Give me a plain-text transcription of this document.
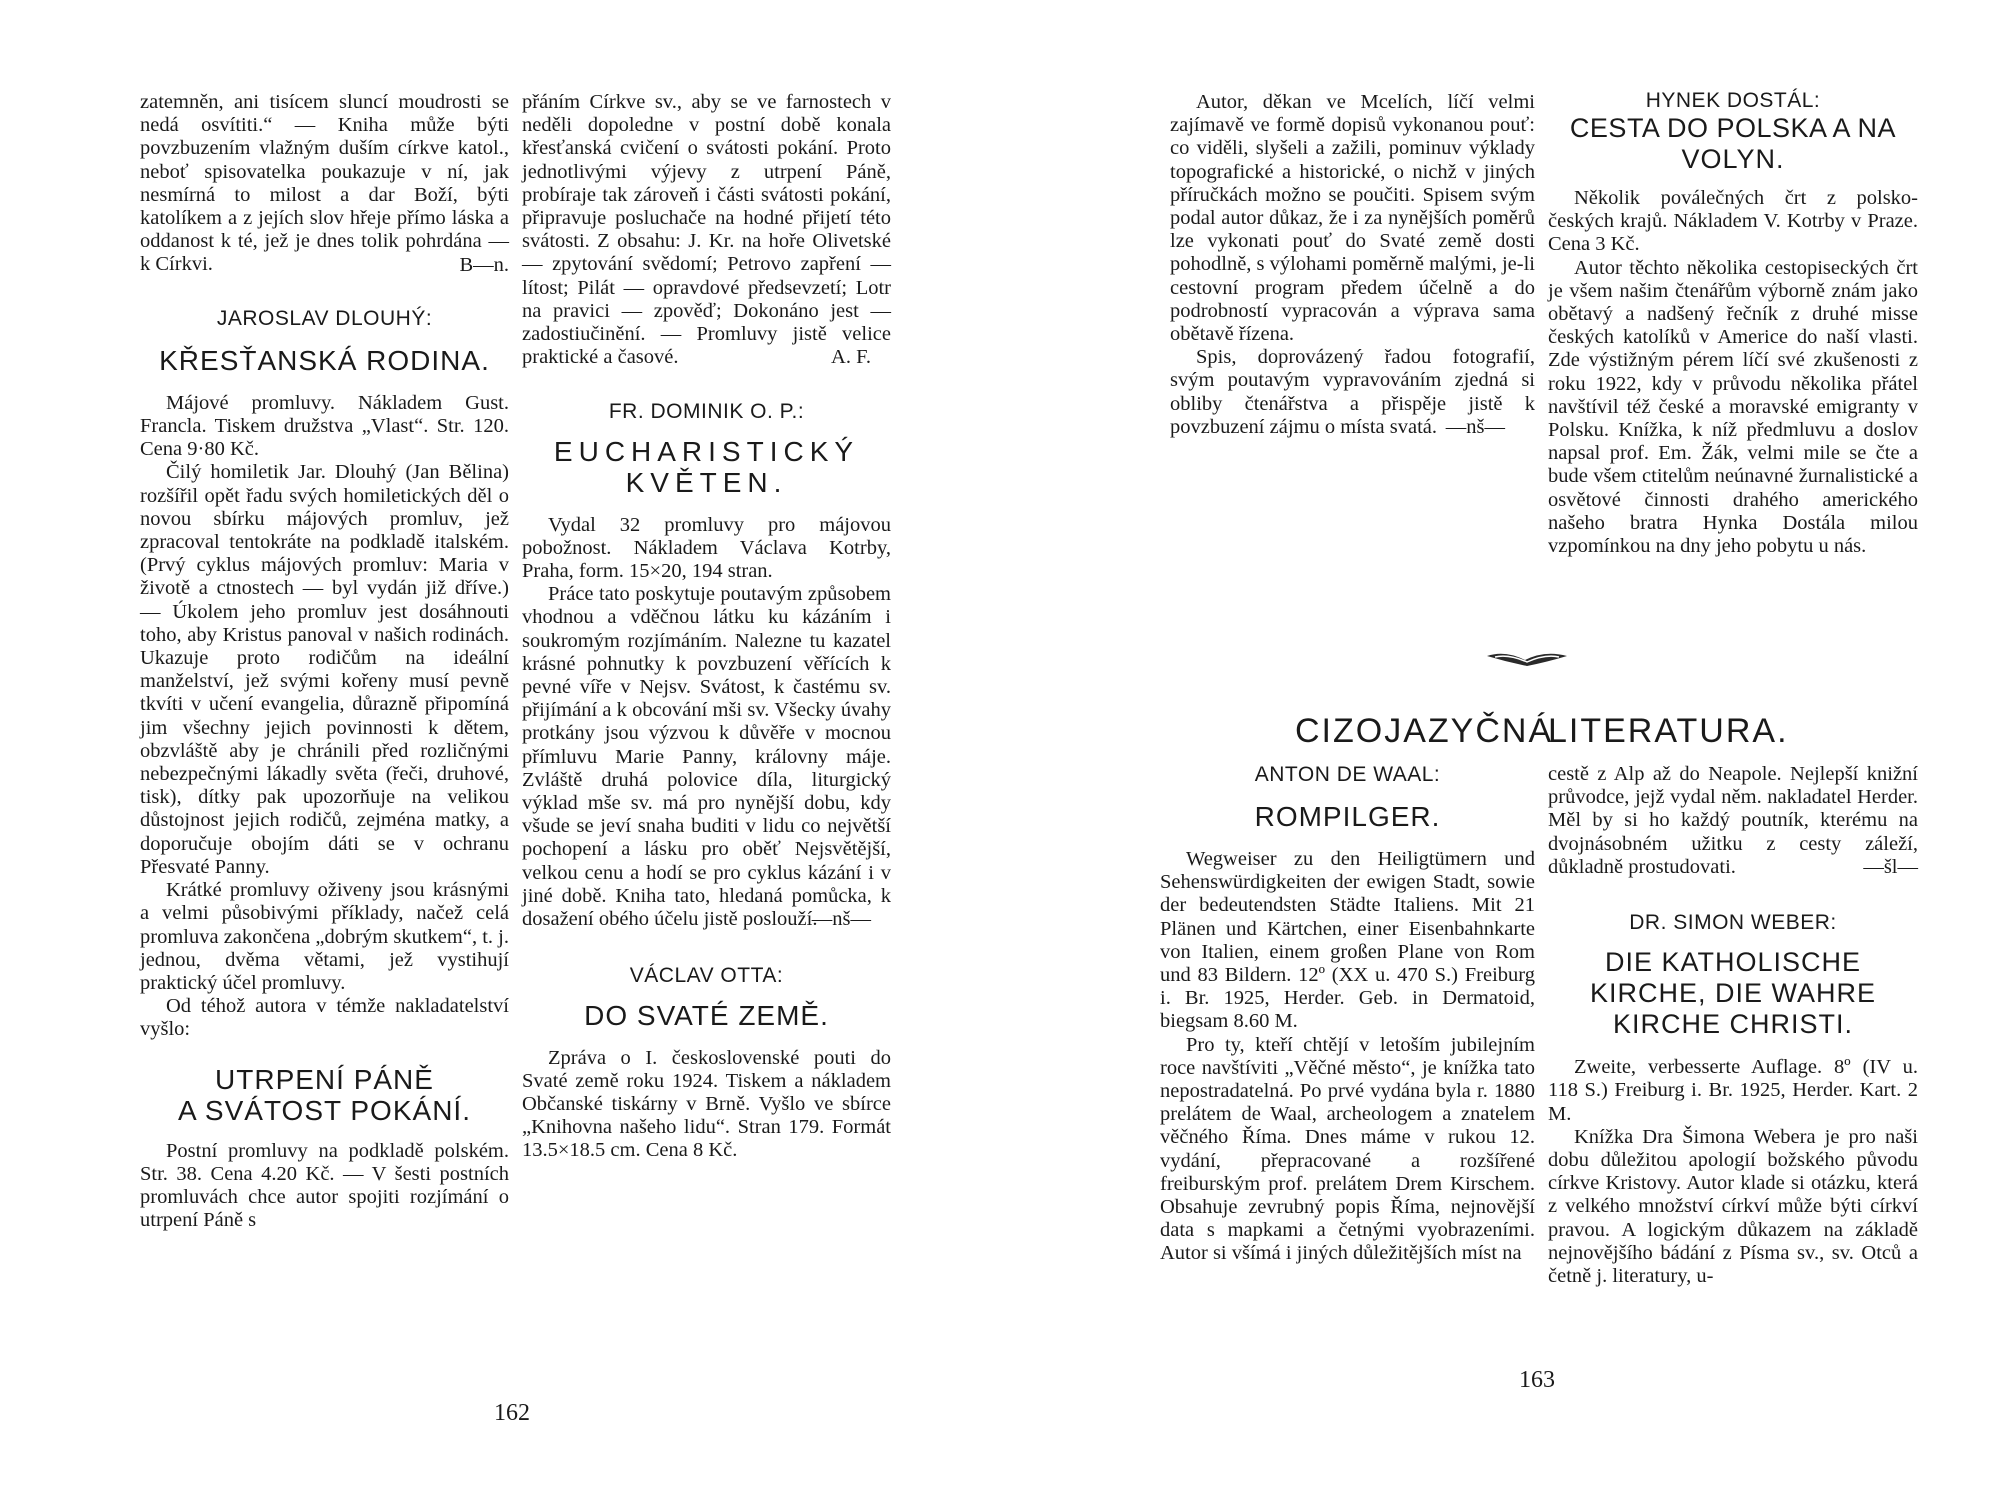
zatemněn, ani tisícem sluncí moudrosti se nedá osvítiti.“ — Kniha může býti povzbuzením vlažným duším církve katol., neboť spisovatelka poukazuje v ní, jak nesmírná to milost a dar Boží, býti katolíkem a z jejích slov hřeje přímo láska a oddanost k té, jež je dnes tolik pohrdána — k Církvi.	B—n.

JAROSLAV DLOUHÝ:
KŘESŤANSKÁ RODINA.

Májové promluvy. Nákladem Gust. Francla. Tiskem družstva „Vlast“. Str. 120. Cena 9·80 Kč.

Čilý homiletik Jar. Dlouhý (Jan Bělina) rozšířil opět řadu svých homiletických děl o novou sbírku májových promluv, jež zpracoval tentokráte na podkladě italském. (Prvý cyklus májových promluv: Maria v životě a ctnostech — byl vydán již dříve.) — Úkolem jeho promluv jest dosáhnouti toho, aby Kristus panoval v našich rodinách. Ukazuje proto rodičům na ideální manželství, jež svými kořeny musí pevně tkvíti v učení evangelia, důrazně připomíná jim všechny jejich povinnosti k dětem, obzvláště aby je chránili před rozličnými nebezpečnými lákadly světa (řeči, druhové, tisk), dítky pak upozorňuje na velikou důstojnost jejich rodičů, zejména matky, a doporučuje obojím dáti se v ochranu Přesvaté Panny.

Krátké promluvy oživeny jsou krásnými a velmi působivými příklady, načež celá promluva zakončena „dobrým skutkem“, t. j. jednou, dvěma větami, jež vystihují praktický účel promluvy.

Od téhož autora v témže nakladatelství vyšlo:

UTRPENÍ PÁNĚ
A SVÁTOST POKÁNÍ.

Postní promluvy na podkladě polském. Str. 38. Cena 4.20 Kč. — V šesti postních promluvách chce autor spojiti rozjímání o utrpení Páně s

přáním Církve sv., aby se ve farnostech v neděli dopoledne v postní době konala křesťanská cvičení o svátosti pokání. Proto jednotlivými výjevy z utrpení Páně, probíraje tak zároveň i části svátosti pokání, připravuje posluchače na hodné přijetí této svátosti. Z obsahu: J. Kr. na hoře Olivetské — zpytování svědomí; Petrovo zapření — lítost; Pilát — opravdové předsevzetí; Lotr na pravici — zpověď; Dokonáno jest — zadostiučinění. — Promluvy jistě velice praktické a časové.	A. F.

FR. DOMINIK O. P.:
EUCHARISTICKÝ
KVĚTEN.

Vydal 32 promluvy pro májovou pobožnost. Nákladem Václava Kotrby, Praha, form. 15×20, 194 stran.

Práce tato poskytuje poutavým způsobem vhodnou a vděčnou látku ku kázáním i soukromým rozjímáním. Nalezne tu kazatel krásné pohnutky k povzbuzení věřících k pevné víře v Nejsv. Svátost, k častému sv. přijímání a k obcování mši sv. Všecky úvahy protkány jsou výzvou k důvěře v mocnou přímluvu Marie Panny, královny máje. Zvláště druhá polovice díla, liturgický výklad mše sv. má pro nynější dobu, kdy všude se jeví snaha buditi v lidu co největší pochopení a lásku pro oběť Nejsvětější, velkou cenu a hodí se pro cyklus kázání i v jiné době. Kniha tato, hledaná pomůcka, k dosažení obého účelu jistě poslouží.

—nš—

VÁCLAV OTTA:
DO SVATÉ ZEMĚ.

Zpráva o I. československé pouti do Svaté země roku 1924. Tiskem a nákladem Občanské tiskárny v Brně. Vyšlo ve sbírce „Knihovna našeho lidu“. Stran 179. Formát 13.5×18.5 cm. Cena 8 Kč.

162

Autor, děkan ve Mcelích, líčí velmi zajímavě ve formě dopisů vykonanou pouť: co viděli, slyšeli a zažili, pominuv výklady topografické a historické, o nichž v jiných příručkách možno se poučiti. Spisem svým podal autor důkaz, že i za nynějších poměrů lze vykonati pouť do Svaté země dosti pohodlně, s výlohami poměrně malými, je-li cestovní program předem účelně a do podrobností vypracován a výprava sama obětavě řízena.

Spis, doprovázený řadou fotografií, svým poutavým vypravováním zjedná si obliby čtenářstva a přispěje jistě k povzbuzení zájmu o místa svatá. —nš—

HYNEK DOSTÁL:
CESTA DO POLSKA A NA
VOLYN.

Několik poválečných črt z polsko-českých krajů. Nákladem V. Kotrby v Praze. Cena 3 Kč.

Autor těchto několika cestopiseckých črt je všem našim čtenářům výborně znám jako obětavý a nadšený řečník z druhé misse českých katolíků v Americe do naší vlasti. Zde výstižným pérem líčí své zkušenosti z roku 1922, kdy v průvodu několika přátel navštívil též české a moravské emigranty v Polsku. Knížka, k níž předmluvu a doslov napsal prof. Em. Žák, velmi mile se čte a bude všem ctitelům neúnavné žurnalistické a osvětové činnosti drahého amerického našeho bratra Hynka Dostála milou vzpomínkou na dny jeho pobytu u nás.

CIZOJAZYČNÁ
LITERATURA.
ANTON DE WAAL:
ROMPILGER.

Wegweiser zu den Heiligtümern und Sehenswürdigkeiten der ewigen Stadt, sowie der bedeutendsten Städte Italiens. Mit 21 Plänen und Kärtchen, einer Eisenbahnkarte von Italien, einem großen Plane von Rom und 83 Bildern. 12º (XX u. 470 S.) Freiburg i. Br. 1925, Herder. Geb. in Dermatoid, biegsam 8.60 M.

Pro ty, kteří chtějí v letoším jubilejním roce navštíviti „Věčné město“, je knížka tato nepostradatelná. Po prvé vydána byla r. 1880 prelátem de Waal, archeologem a znatelem věčného Říma. Dnes máme v rukou 12. vydání, přepracované a rozšířené freiburským prof. prelátem Drem Kirschem. Obsahuje zevrubný popis Říma, nejnovější data s mapkami a četnými vyobrazeními. Autor si všímá i jiných důležitějších míst na

cestě z Alp až do Neapole. Nejlepší knižní průvodce, jejž vydal něm. nakladatel Herder. Měl by si ho každý poutník, kterému na dvojnásobném užitku z cesty záleží, důkladně prostudovati.	—šl—

DR. SIMON WEBER:
DIE KATHOLISCHE
KIRCHE, DIE WAHRE
KIRCHE CHRISTI.

Zweite, verbesserte Auflage. 8º (IV u. 118 S.) Freiburg i. Br. 1925, Herder. Kart. 2 M.

Knížka Dra Šimona Webera je pro naši dobu důležitou apologií božského původu církve Kristovy. Autor klade si otázku, která z velkého množství církví může býti církví pravou. A logickým důkazem na základě nejnovějšího bádání z Písma sv., sv. Otců a četně j. literatury, u-

163
